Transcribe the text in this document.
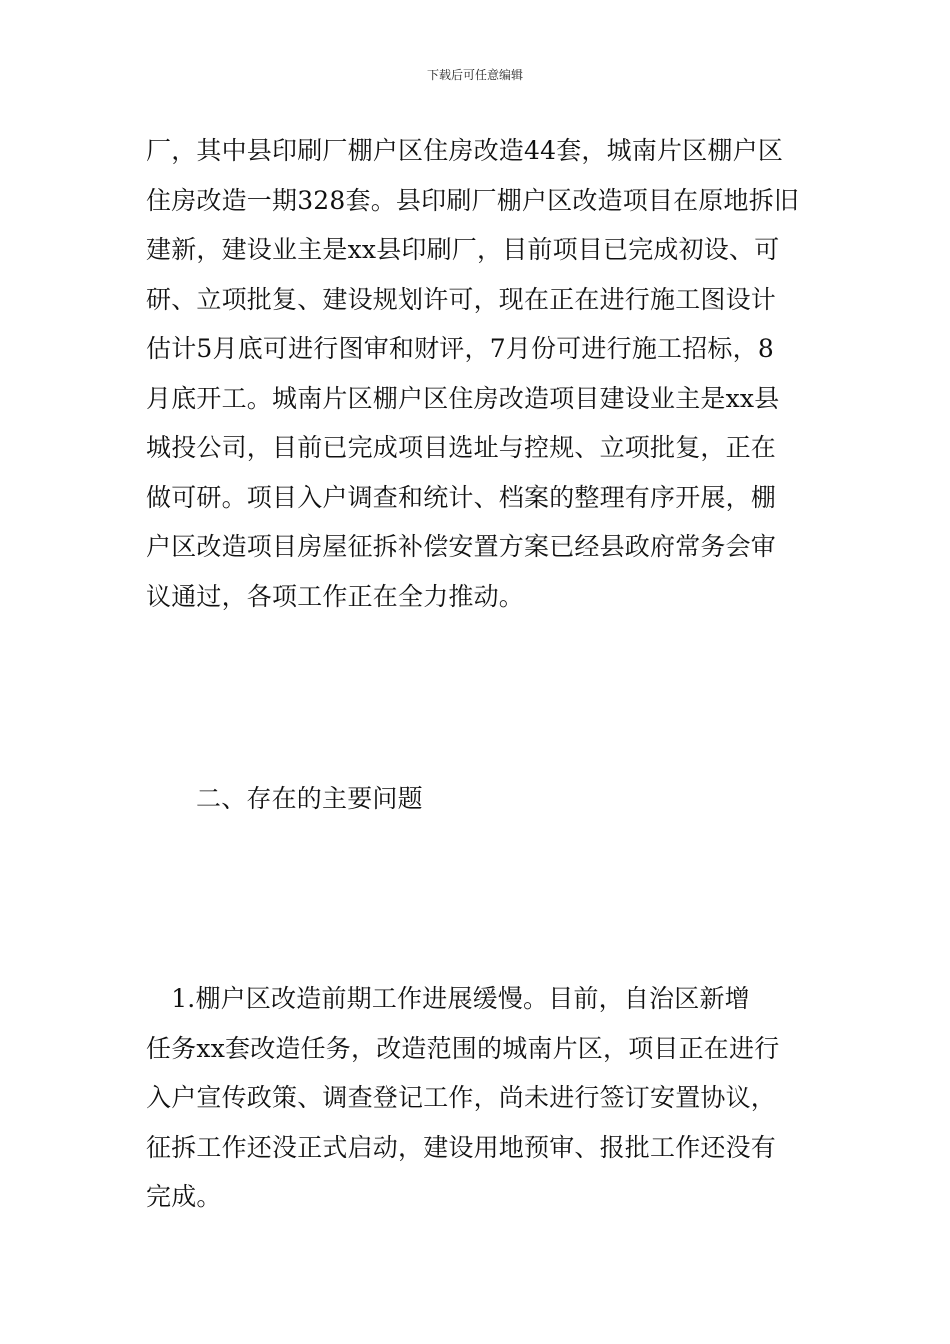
下载后可任意编辑
厂，其中县印刷厂棚户区住房改造44套，城南片区棚户区
住房改造一期328套。县印刷厂棚户区改造项目在原地拆旧
建新，建设业主是xx县印刷厂，目前项目已完成初设、可
研、立项批复、建设规划许可，现在正在进行施工图设计
估计5月底可进行图审和财评，7月份可进行施工招标，8
月底开工。城南片区棚户区住房改造项目建设业主是xx县
城投公司，目前已完成项目选址与控规、立项批复，正在
做可研。项目入户调查和统计、档案的整理有序开展，棚
户区改造项目房屋征拆补偿安置方案已经县政府常务会审
议通过，各项工作正在全力推动。
二、存在的主要问题
　1.棚户区改造前期工作进展缓慢。目前，自治区新增
任务xx套改造任务，改造范围的城南片区，项目正在进行
入户宣传政策、调查登记工作，尚未进行签订安置协议，
征拆工作还没正式启动，建设用地预审、报批工作还没有
完成。
